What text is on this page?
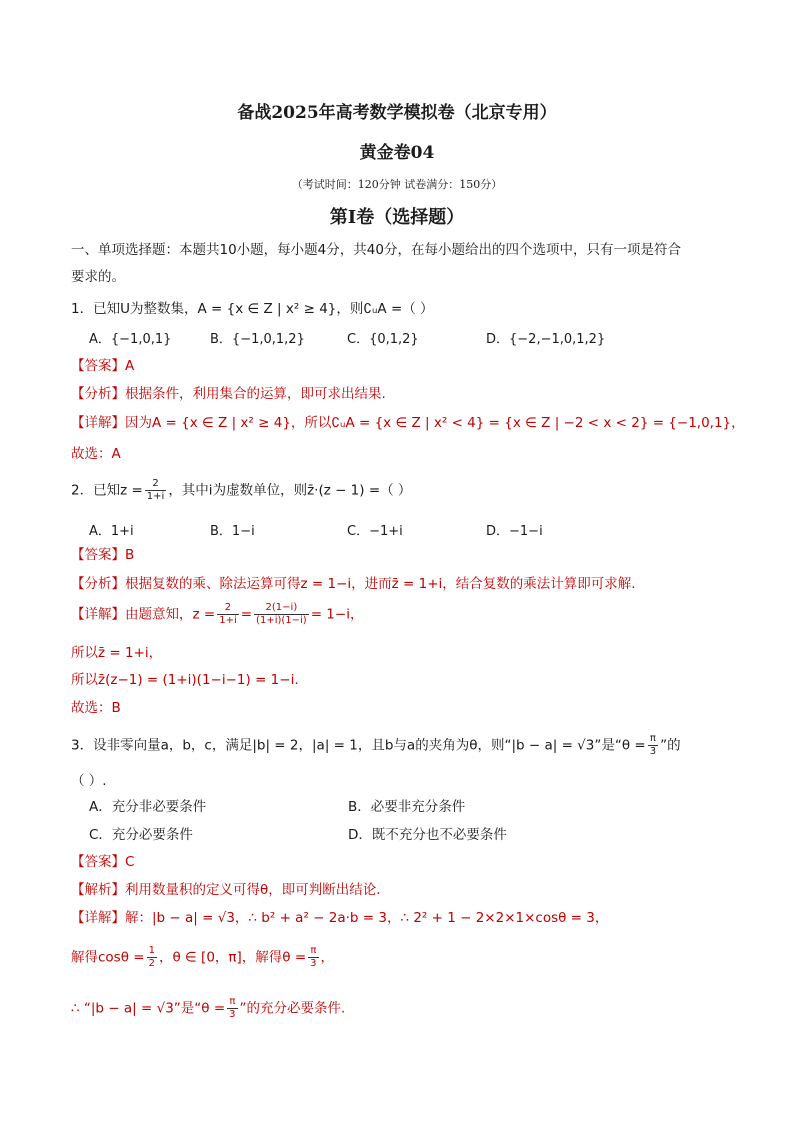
备战2025年高考数学模拟卷（北京专用）
黄金卷04
（考试时间：120分钟 试卷满分：150分）
第I卷（选择题）
一、单项选择题：本题共10小题，每小题4分，共40分，在每小题给出的四个选项中，只有一项是符合
要求的。
1．已知U为整数集，A = {x ∈ Z | x² ≥ 4}，则∁ᵤA =（ ）
A．{−1,0,1}	B．{−1,0,1,2}	C．{0,1,2}	D．{−2,−1,0,1,2}
【答案】A
【分析】根据条件，利用集合的运算，即可求出结果.
【详解】因为A = {x ∈ Z | x² ≥ 4}，所以∁ᵤA = {x ∈ Z | x² < 4} = {x ∈ Z | −2 < x < 2} = {−1,0,1}，
故选：A
2．已知$z = \frac{2}{1+i}$ ，其中i为虚数单位，则z̄·(z − 1) =（ ）
A．1+i	B．1−i	C．−1+i	D．−1−i
【答案】B
【分析】根据复数的乘、除法运算可得z = 1−i，进而z̄ = 1+i，结合复数的乘法计算即可求解.
【详解】由题意知，$z = \frac{2}{1+i} = \frac{2(1-i)}{(1+i)(1-i)} = 1-i$，
所以z̄ = 1+i，
所以z̄(z−1) = (1+i)(1−i−1) = 1−i.
故选：B
3．设非零向量a，b，c，满足|b| = 2，|a| = 1，且b与a的夹角为θ，则“|b − a| = √3”是“$\theta = \frac{\pi}{3}$ ”的
（ ）.
A．充分非必要条件	B．必要非充分条件
C．充分必要条件	D．既不充分也不必要条件
【答案】C
【解析】利用数量积的定义可得θ，即可判断出结论.
【详解】解：|b − a| = √3，∴ b² + a² − 2a·b = 3，∴ 2² + 1 − 2×2×1×cosθ = 3，
解得$\cos\theta = \frac{1}{2}$ ，θ ∈ [0，π]，解得$\theta = \frac{\pi}{3}$ ，
∴ “|b − a| = √3”是“$\theta = \frac{\pi}{3}$ ”的充分必要条件.
